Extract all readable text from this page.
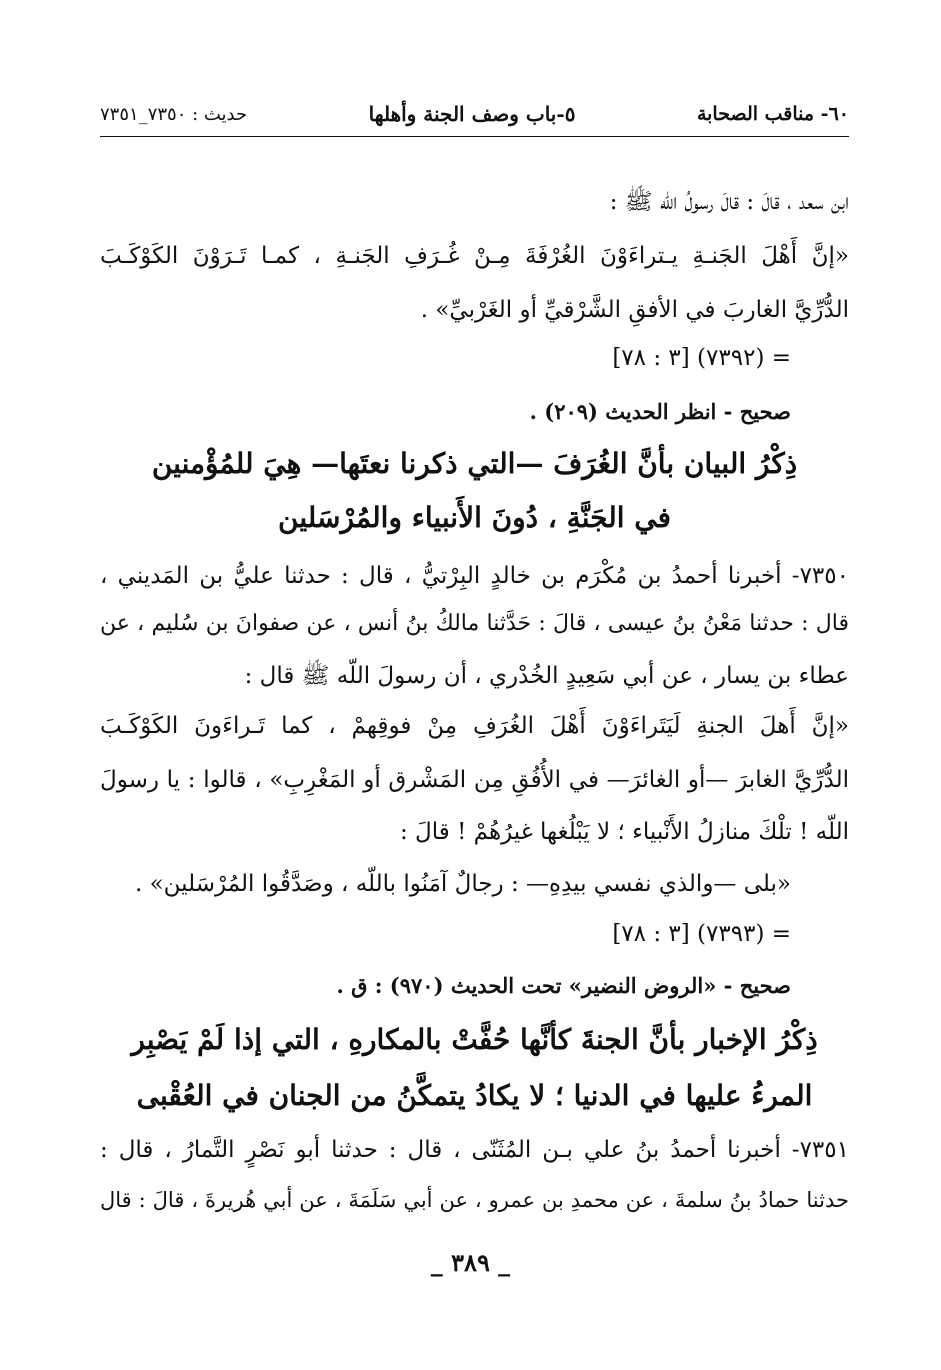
٦٠- مناقب الصحابة
٥-باب وصف الجنة وأهلها
حديث : ٧٣٥٠_٧٣٥١
ابن سعد ، قالَ : قالَ رسولُ اللّه ﷺ :
«إنَّ أَهْلَ الجَنـةِ يـتراءَوْنَ الغُرْفَةَ مِـنْ غُـرَفِ الجَنـةِ ، كمـا تَـرَوْنَ الكَوْكَـبَ
الدُّرِّيَّ الغاربَ في الأفقِ الشَّرْقيِّ أو الغَرْبيِّ» .
= (٧٣٩٢) [٣ : ٧٨]
صحيح - انظر الحديث (٢٠٩) .
ذِكْرُ البيان بأنَّ الغُرَفَ —التي ذكرنا نعتَها— هِيَ للمُؤْمنين
في الجَنَّةِ ، دُونَ الأَنبياء والمُرْسَلين
٧٣٥٠- أخبرنا أحمدُ بن مُكْرَم بن خالدٍ البِرْتيُّ ، قال : حدثنا عليُّ بن المَديني ،
قال : حدثنا مَعْنُ بنُ عيسى ، قالَ : حَدَّثنا مالكُ بنُ أنس ، عن صفوانَ بن سُليم ، عن
عطاء بن يسار ، عن أبي سَعِيدٍ الخُدْري ، أن رسولَ اللّه ﷺ قال :
«إنَّ أَهلَ الجنةِ لَيَتَراءَوْنَ أَهْلَ الغُرَفِ مِنْ فوقِهمْ ، كما تَـراءَونَ الكَوْكَـبَ
الدُّرِّيَّ الغابرَ —أو الغائرَ— في الأُفُقِ مِن المَشْرق أو المَغْرِبِ» ، قالوا : يا رسولَ
اللّه ! تلْكَ منازلُ الأَنْبياء ؛ لا يَبْلُغها غيرُهُمْ ! قالَ :
«بلى —والذي نفسي بيدِهِ— : رجالٌ آمَنُوا باللّه ، وصَدَّقُوا المُرْسَلين» .
= (٧٣٩٣) [٣ : ٧٨]
صحيح - «الروض النضير» تحت الحديث (٩٧٠) : ق .
ذِكْرُ الإخبار بأنَّ الجنةَ كأنَّها حُفَّتْ بالمكارهِ ، التي إذا لَمْ يَصْبِر
المرءُ عليها في الدنيا ؛ لا يكادُ يتمكَّنُ من الجنان في العُقْبى
٧٣٥١- أخبرنا أحمدُ بنُ علي بـن المُثَنّى ، قال : حدثنا أبو نَصْرٍ التَّمارُ ، قال :
حدثنا حمادُ بنُ سلمةَ ، عن محمدِ بن عمرو ، عن أبي سَلَمَةَ ، عن أبي هُريرةَ ، قالَ : قال
_ ٣٨٩ _
